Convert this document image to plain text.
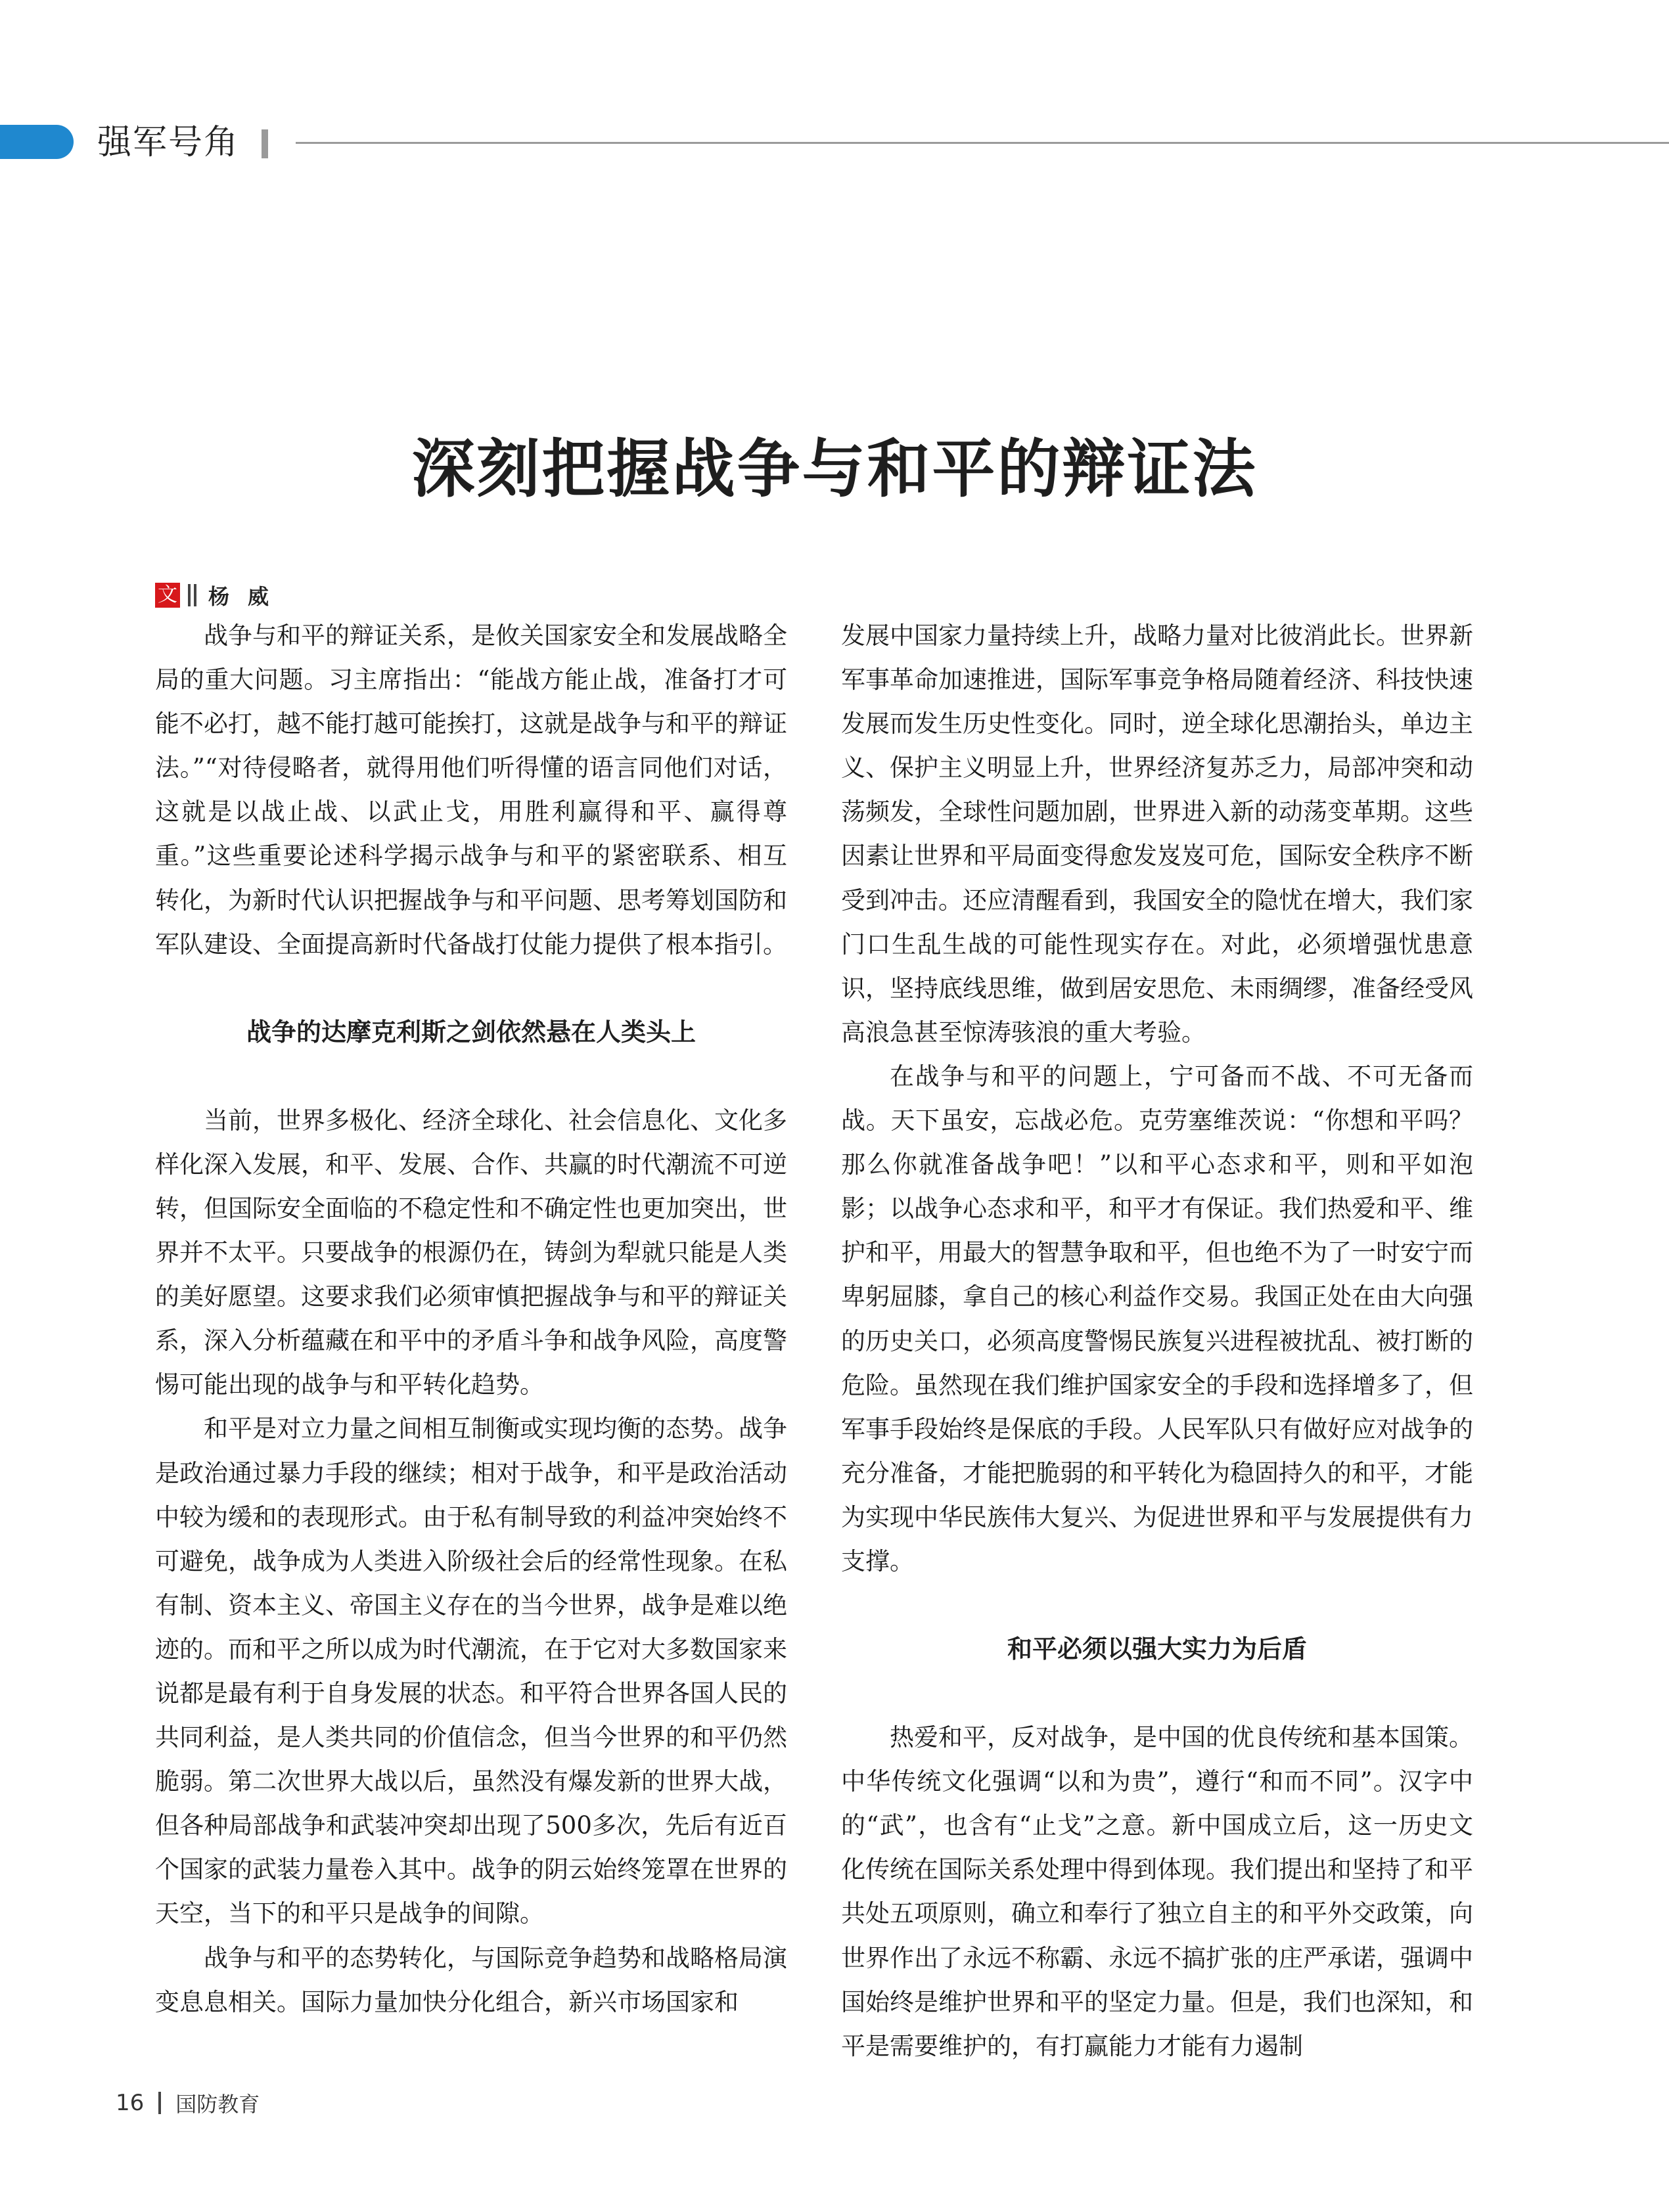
强军号角
深刻把握战争与和平的辩证法
文 杨威

战争与和平的辩证关系，是攸关国家安全和发展战略全局的重大问题。习主席指出：“能战方能止战，准备打才可能不必打，越不能打越可能挨打，这就是战争与和平的辩证法。”“对待侵略者，就得用他们听得懂的语言同他们对话，这就是以战止战、以武止戈，用胜利赢得和平、赢得尊重。”这些重要论述科学揭示战争与和平的紧密联系、相互转化，为新时代认识把握战争与和平问题、思考筹划国防和军队建设、全面提高新时代备战打仗能力提供了根本指引。

战争的达摩克利斯之剑依然悬在人类头上

当前，世界多极化、经济全球化、社会信息化、文化多样化深入发展，和平、发展、合作、共赢的时代潮流不可逆转，但国际安全面临的不稳定性和不确定性也更加突出，世界并不太平。只要战争的根源仍在，铸剑为犁就只能是人类的美好愿望。这要求我们必须审慎把握战争与和平的辩证关系，深入分析蕴藏在和平中的矛盾斗争和战争风险，高度警惕可能出现的战争与和平转化趋势。

和平是对立力量之间相互制衡或实现均衡的态势。战争是政治通过暴力手段的继续；相对于战争，和平是政治活动中较为缓和的表现形式。由于私有制导致的利益冲突始终不可避免，战争成为人类进入阶级社会后的经常性现象。在私有制、资本主义、帝国主义存在的当今世界，战争是难以绝迹的。而和平之所以成为时代潮流，在于它对大多数国家来说都是最有利于自身发展的状态。和平符合世界各国人民的共同利益，是人类共同的价值信念，但当今世界的和平仍然脆弱。第二次世界大战以后，虽然没有爆发新的世界大战，但各种局部战争和武装冲突却出现了500多次，先后有近百个国家的武装力量卷入其中。战争的阴云始终笼罩在世界的天空，当下的和平只是战争的间隙。

战争与和平的态势转化，与国际竞争趋势和战略格局演变息息相关。国际力量加快分化组合，新兴市场国家和

发展中国家力量持续上升，战略力量对比彼消此长。世界新军事革命加速推进，国际军事竞争格局随着经济、科技快速发展而发生历史性变化。同时，逆全球化思潮抬头，单边主义、保护主义明显上升，世界经济复苏乏力，局部冲突和动荡频发，全球性问题加剧，世界进入新的动荡变革期。这些因素让世界和平局面变得愈发岌岌可危，国际安全秩序不断受到冲击。还应清醒看到，我国安全的隐忧在增大，我们家门口生乱生战的可能性现实存在。对此，必须增强忧患意识，坚持底线思维，做到居安思危、未雨绸缪，准备经受风高浪急甚至惊涛骇浪的重大考验。

在战争与和平的问题上，宁可备而不战、不可无备而战。天下虽安，忘战必危。克劳塞维茨说：“你想和平吗？那么你就准备战争吧！”以和平心态求和平，则和平如泡影；以战争心态求和平，和平才有保证。我们热爱和平、维护和平，用最大的智慧争取和平，但也绝不为了一时安宁而卑躬屈膝，拿自己的核心利益作交易。我国正处在由大向强的历史关口，必须高度警惕民族复兴进程被扰乱、被打断的危险。虽然现在我们维护国家安全的手段和选择增多了，但军事手段始终是保底的手段。人民军队只有做好应对战争的充分准备，才能把脆弱的和平转化为稳固持久的和平，才能为实现中华民族伟大复兴、为促进世界和平与发展提供有力支撑。

和平必须以强大实力为后盾

热爱和平，反对战争，是中国的优良传统和基本国策。中华传统文化强调“以和为贵”，遵行“和而不同”。汉字中的“武”，也含有“止戈”之意。新中国成立后，这一历史文化传统在国际关系处理中得到体现。我们提出和坚持了和平共处五项原则，确立和奉行了独立自主的和平外交政策，向世界作出了永远不称霸、永远不搞扩张的庄严承诺，强调中国始终是维护世界和平的坚定力量。但是，我们也深知，和平是需要维护的，有打赢能力才能有力遏制

16 国防教育
